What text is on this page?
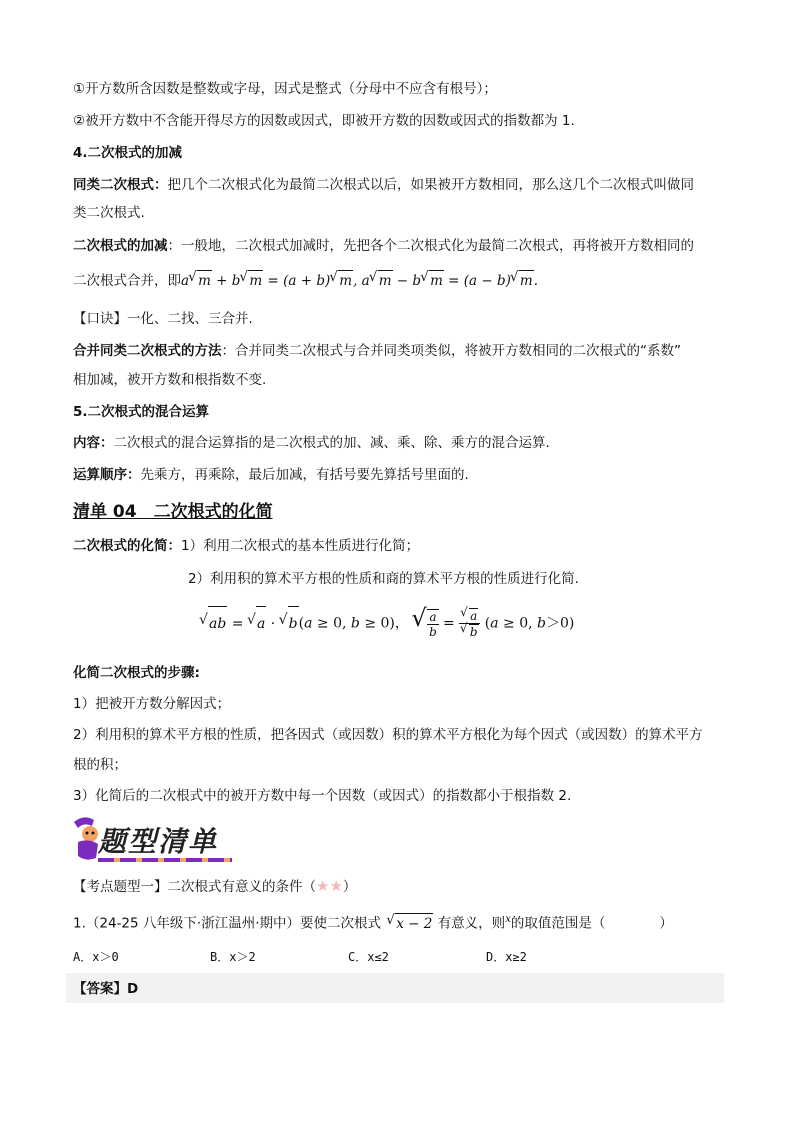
①开方数所含因数是整数或字母，因式是整式（分母中不应含有根号）；
②被开方数中不含能开得尽方的因数或因式，即被开方数的因数或因式的指数都为 1.
4.二次根式的加减
同类二次根式：把几个二次根式化为最简二次根式以后，如果被开方数相同，那么这几个二次根式叫做同
类二次根式.
二次根式的加减：一般地，二次根式加减时，先把各个二次根式化为最简二次根式，再将被开方数相同的
二次根式合并，即a √ m + b √ m = (a + b) √ m, a √ m − b √ m = (a − b) √ m.
【口诀】一化、二找、三合并.
合并同类二次根式的方法：合并同类二次根式与合并同类项类似，将被开方数相同的二次根式的“系数”
相加减，被开方数和根指数不变.
5.二次根式的混合运算
内容：二次根式的混合运算指的是二次根式的加、减、乘、除、乘方的混合运算.
运算顺序：先乘方，再乘除，最后加减，有括号要先算括号里面的.
清单 04　二次根式的化简
二次根式的化简：1）利用二次根式的基本性质进行化简；
2）利用积的算术平方根的性质和商的算术平方根的性质进行化简.
√ ab = √ a · √ b(a ≥ 0, b ≥ 0)， √ $\frac{a}{b}$ = √ a
√ b (a ≥ 0, b＞0)
化简二次根式的步骤:
1）把被开方数分解因式；
2）利用积的算术平方根的性质，把各因式（或因数）积的算术平方根化为每个因式（或因数）的算术平方
根的积；
3）化简后的二次根式中的被开方数中每一个因数（或因式）的指数都小于根指数 2.
题型清单
【考点题型一】二次根式有意义的条件（★★）
1.（24-25 八年级下·浙江温州·期中）要使二次根式 √ x − 2 有意义，则$^x$的取值范围是（	）
A．x＞0	B．x＞2	C．x≤2	D．x≥2
【答案】D
